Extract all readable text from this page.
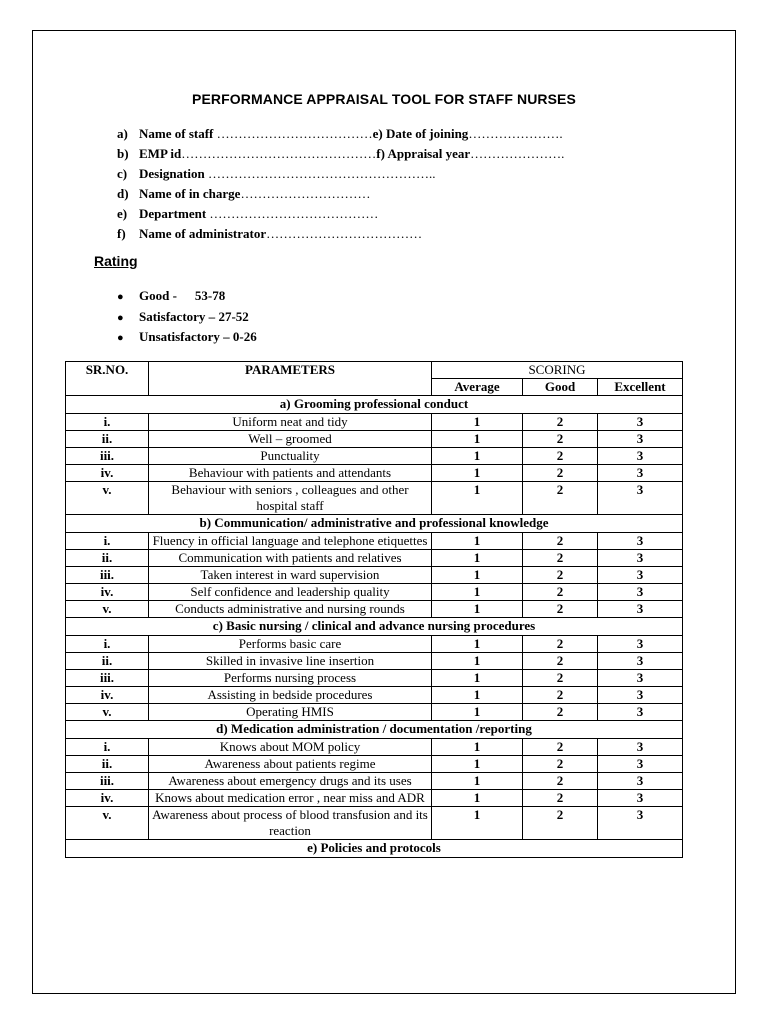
PERFORMANCE APPRAISAL TOOL FOR STAFF NURSES
a) Name of staff ………………………………e) Date of joining………………….
b) EMP id………………………………………f) Appraisal year………………….
c) Designation ……………………………………………..
d) Name of in charge…………………………
e) Department …………………………………
f) Name of administrator………………………………
Rating
● Good - 53-78
● Satisfactory – 27-52
● Unsatisfactory – 0-26
SR.NO.	PARAMETERS	SCORING		
		Average	Good	Excellent
a) Grooming professional conduct				
i.	Uniform neat and tidy	1	2	3
ii.	Well – groomed	1	2	3
iii.	Punctuality	1	2	3
iv.	Behaviour with patients and attendants	1	2	3
v.	Behaviour with seniors , colleagues and other hospital staff	1	2	3
b) Communication/ administrative and professional knowledge				
i.	Fluency in official language and telephone etiquettes	1	2	3
ii.	Communication with patients and relatives	1	2	3
iii.	Taken interest in ward supervision	1	2	3
iv.	Self confidence and leadership quality	1	2	3
v.	Conducts administrative and nursing rounds	1	2	3
c) Basic nursing / clinical and advance nursing procedures				
i.	Performs basic care	1	2	3
ii.	Skilled in invasive line insertion	1	2	3
iii.	Performs nursing process	1	2	3
iv.	Assisting in bedside procedures	1	2	3
v.	Operating HMIS	1	2	3
d) Medication administration / documentation /reporting				
i.	Knows about MOM policy	1	2	3
ii.	Awareness about patients regime	1	2	3
iii.	Awareness about emergency drugs and its uses	1	2	3
iv.	Knows about medication error , near miss and ADR	1	2	3
v.	Awareness about process of blood transfusion and its reaction	1	2	3
e) Policies and protocols				
